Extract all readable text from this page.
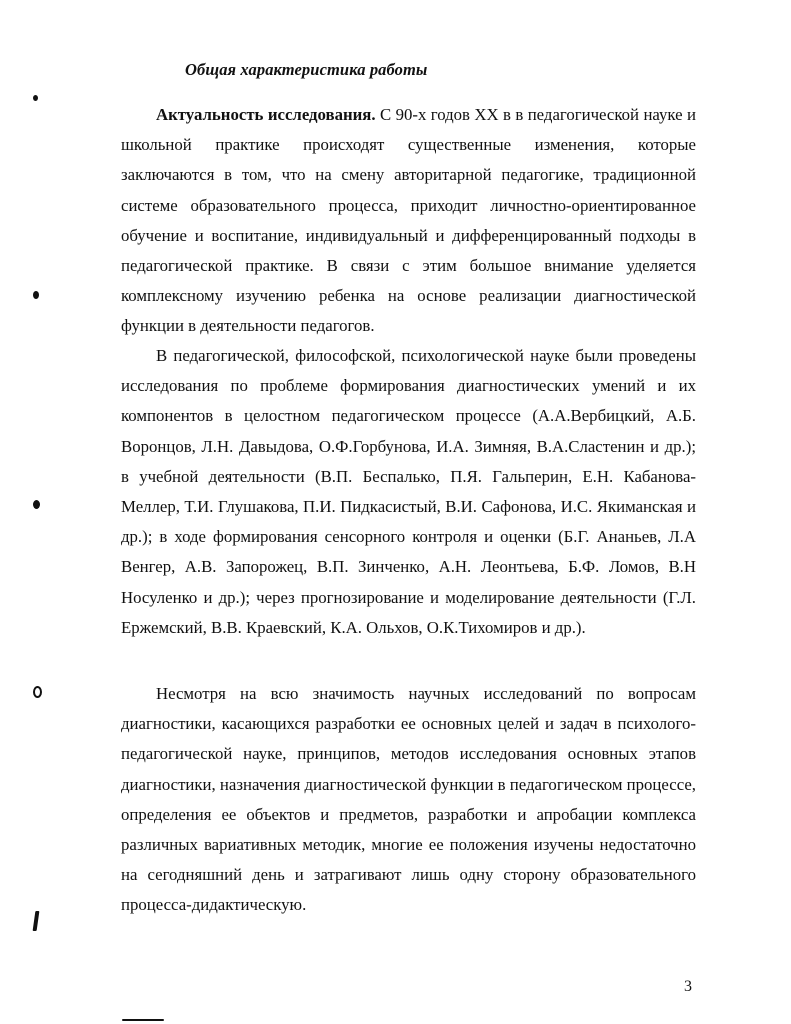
Общая характеристика работы

Актуальность исследования. С 90-х годов XX в в педагогической науке и школьной практике происходят существенные изменения, которые заключаются в том, что на смену авторитарной педагогике, традиционной системе образовательного процесса, приходит личностно-ориентированное обучение и воспитание, индивидуальный и дифференцированный подходы в педагогической практике. В связи с этим большое внимание уделяется комплексному изучению ребенка на основе реализации диагностической функции в деятельности педагогов.

В педагогической, философской, психологической науке были проведены исследования по проблеме формирования диагностических умений и их компонентов в целостном педагогическом процессе (А.А.Вербицкий, А.Б. Воронцов, Л.Н. Давыдова, О.Ф.Горбунова, И.А. Зимняя, В.А.Сластенин и др.); в учебной деятельности (В.П. Беспалько, П.Я. Гальперин, Е.Н. Кабанова-Меллер, Т.И. Глушакова, П.И. Пидкасистый, В.И. Сафонова, И.С. Якиманская и др.); в ходе формирования сенсорного контроля и оценки (Б.Г. Ананьев, Л.А Венгер, А.В. Запорожец, В.П. Зинченко, А.Н. Леонтьева, Б.Ф. Ломов, В.Н Носуленко и др.); через прогнозирование и моделирование деятельности (Г.Л. Ержемский, В.В. Краевский, К.А. Ольхов, О.К.Тихомиров и др.).

Несмотря на всю значимость научных исследований по вопросам диагностики, касающихся разработки ее основных целей и задач в психолого-педагогической науке, принципов, методов исследования основных этапов диагностики, назначения диагностической функции в педагогическом процессе, определения ее объектов и предметов, разработки и апробации комплекса различных вариативных методик, многие ее положения изучены недостаточно на сегодняшний день и затрагивают лишь одну сторону образовательного процесса-дидактическую.

3
